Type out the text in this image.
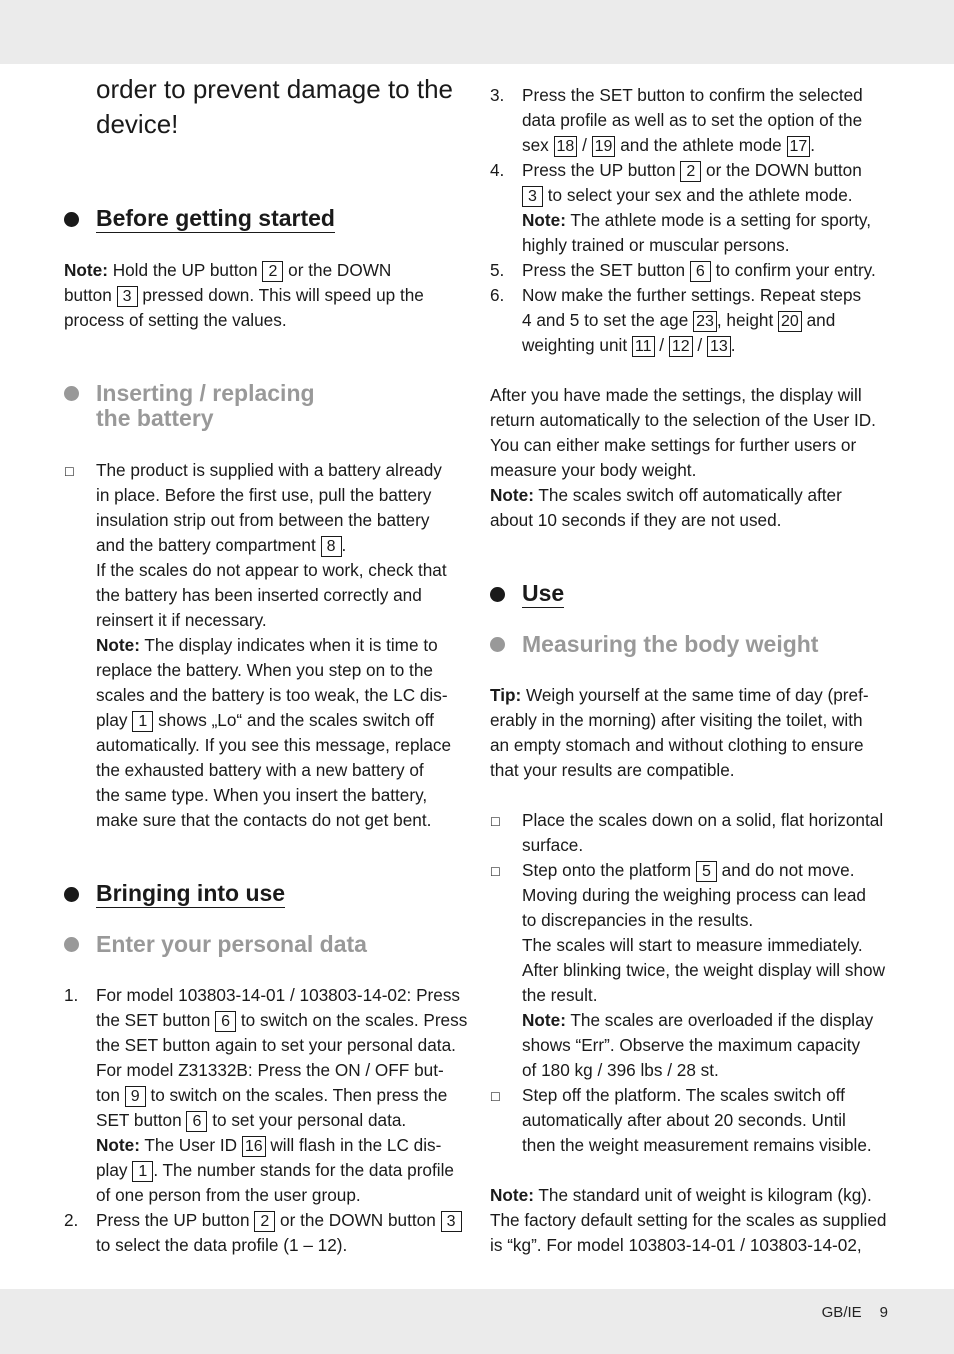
order to prevent damage to the
device!
Before getting started

Note: Hold the UP button 2 or the DOWN

button 3 pressed down. This will speed up the

process of setting the values.

Inserting / replacing
the battery
☐ The product is supplied with a battery already

in place. Before the first use, pull the battery

insulation strip out from between the battery

and the battery compartment 8 .

If the scales do not appear to work, check that

the battery has been inserted correctly and

reinsert it if necessary.

Note: The display indicates when it is time to

replace the battery. When you step on to the

scales and the battery is too weak, the LC dis-

play 1 shows „Lo“ and the scales switch off

automatically. If you see this message, replace

the exhausted battery with a new battery of

the same type. When you insert the battery,

make sure that the contacts do not get bent.

Bringing into use
Enter your personal data
1. For model 103803-14-01 / 103803-14-02: Press

the SET button 6 to switch on the scales. Press

the SET button again to set your personal data.

For model Z31332B: Press the ON / OFF but-

ton 9 to switch on the scales. Then press the

SET button 6 to set your personal data.

Note: The User ID 16 will flash in the LC dis-

play 1 . The number stands for the data profile

of one person from the user group.

2. Press the UP button 2 or the DOWN button 3

to select the data profile (1 – 12).

3. Press the SET button to confirm the selected

data profile as well as to set the option of the

sex 18 / 19 and the athlete mode 17 .

4. Press the UP button 2 or the DOWN button

3 to select your sex and the athlete mode.

Note: The athlete mode is a setting for sporty,

highly trained or muscular persons.

5. Press the SET button 6 to confirm your entry.

6. Now make the further settings. Repeat steps

4 and 5 to set the age 23 , height 20 and

weighting unit 11 / 12 / 13 .

After you have made the settings, the display will

return automatically to the selection of the User ID.

You can either make settings for further users or

measure your body weight.

Note: The scales switch off automatically after

about 10 seconds if they are not used.

Use
Measuring the body weight

Tip: Weigh yourself at the same time of day (pref-

erably in the morning) after visiting the toilet, with

an empty stomach and without clothing to ensure

that your results are compatible.

☐ Place the scales down on a solid, flat horizontal

surface.

☐ Step onto the platform 5 and do not move.

Moving during the weighing process can lead

to discrepancies in the results.

The scales will start to measure immediately.

After blinking twice, the weight display will show

the result.

Note: The scales are overloaded if the display

shows “Err”. Observe the maximum capacity

of 180 kg / 396 lbs / 28 st.

☐ Step off the platform. The scales switch off

automatically after about 20 seconds. Until

then the weight measurement remains visible.

Note: The standard unit of weight is kilogram (kg).

The factory default setting for the scales as supplied

is “kg”. For model 103803-14-01 / 103803-14-02,

GB/IE 9
